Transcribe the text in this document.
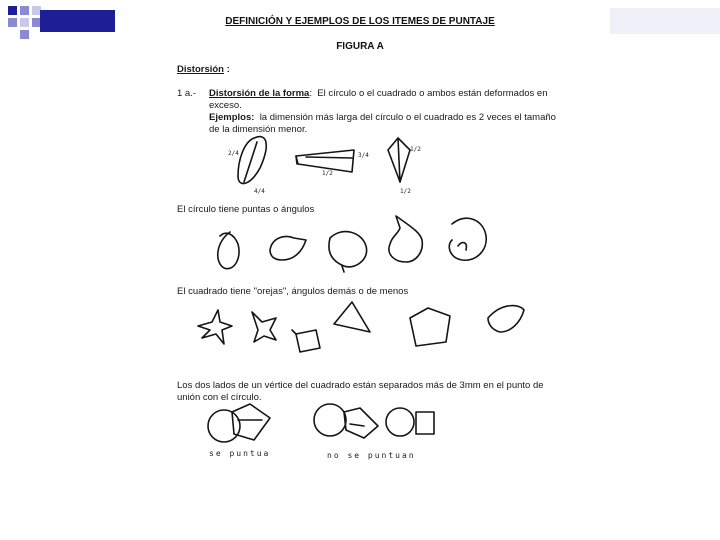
DEFINICIÓN Y EJEMPLOS DE LOS ITEMES DE PUNTAJE
FIGURA A
Distorsión :
1 a.- Distorsión de la forma: El círculo o el cuadrado o ambos están deformados en
exceso.
Ejemplos: la dimensión más larga del círculo o el cuadrado es 2 veces el tamaño
de la dimensión menor.
El círculo tiene puntas o ángulos
El cuadrado tiene "orejas", ángulos demás o de menos
Los dos lados de un vértice del cuadrado están separados más de 3mm en el punto de
unión con el círculo.
2/4
4/4
3/4
1/2
1/2
1/2
se puntua	no se puntuan
